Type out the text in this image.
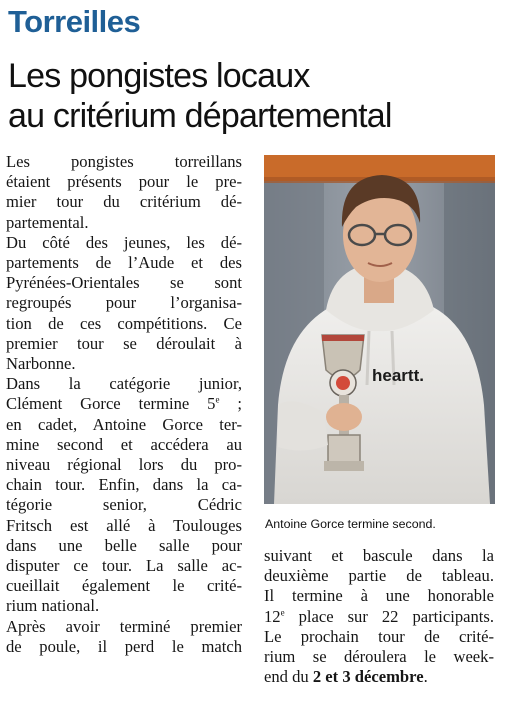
Torreilles
Les pongistes locaux
au critérium départemental
Les pongistes torreillans
étaient présents pour le pre-
mier tour du critérium dé-
partemental.
Du côté des jeunes, les dé-
partements de l’Aude et des
Pyrénées-Orientales se sont
regroupés pour l’organisa-
tion de ces compétitions. Ce
premier tour se déroulait à
Narbonne.
Dans la catégorie junior,
Clément Gorce termine 5e ;
en cadet, Antoine Gorce ter-
mine second et accédera au
niveau régional lors du pro-
chain tour. Enfin, dans la ca-
tégorie senior, Cédric
Fritsch est allé à Toulouges
dans une belle salle pour
disputer ce tour. La salle ac-
cueillait également le crité-
rium national.
Après avoir terminé premier
de poule, il perd le match
heartt.
Antoine Gorce termine second.
suivant et bascule dans la
deuxième partie de tableau.
Il termine à une honorable
12e place sur 22 participants.
Le prochain tour de crité-
rium se déroulera le week-
end du 2 et 3 décembre.
